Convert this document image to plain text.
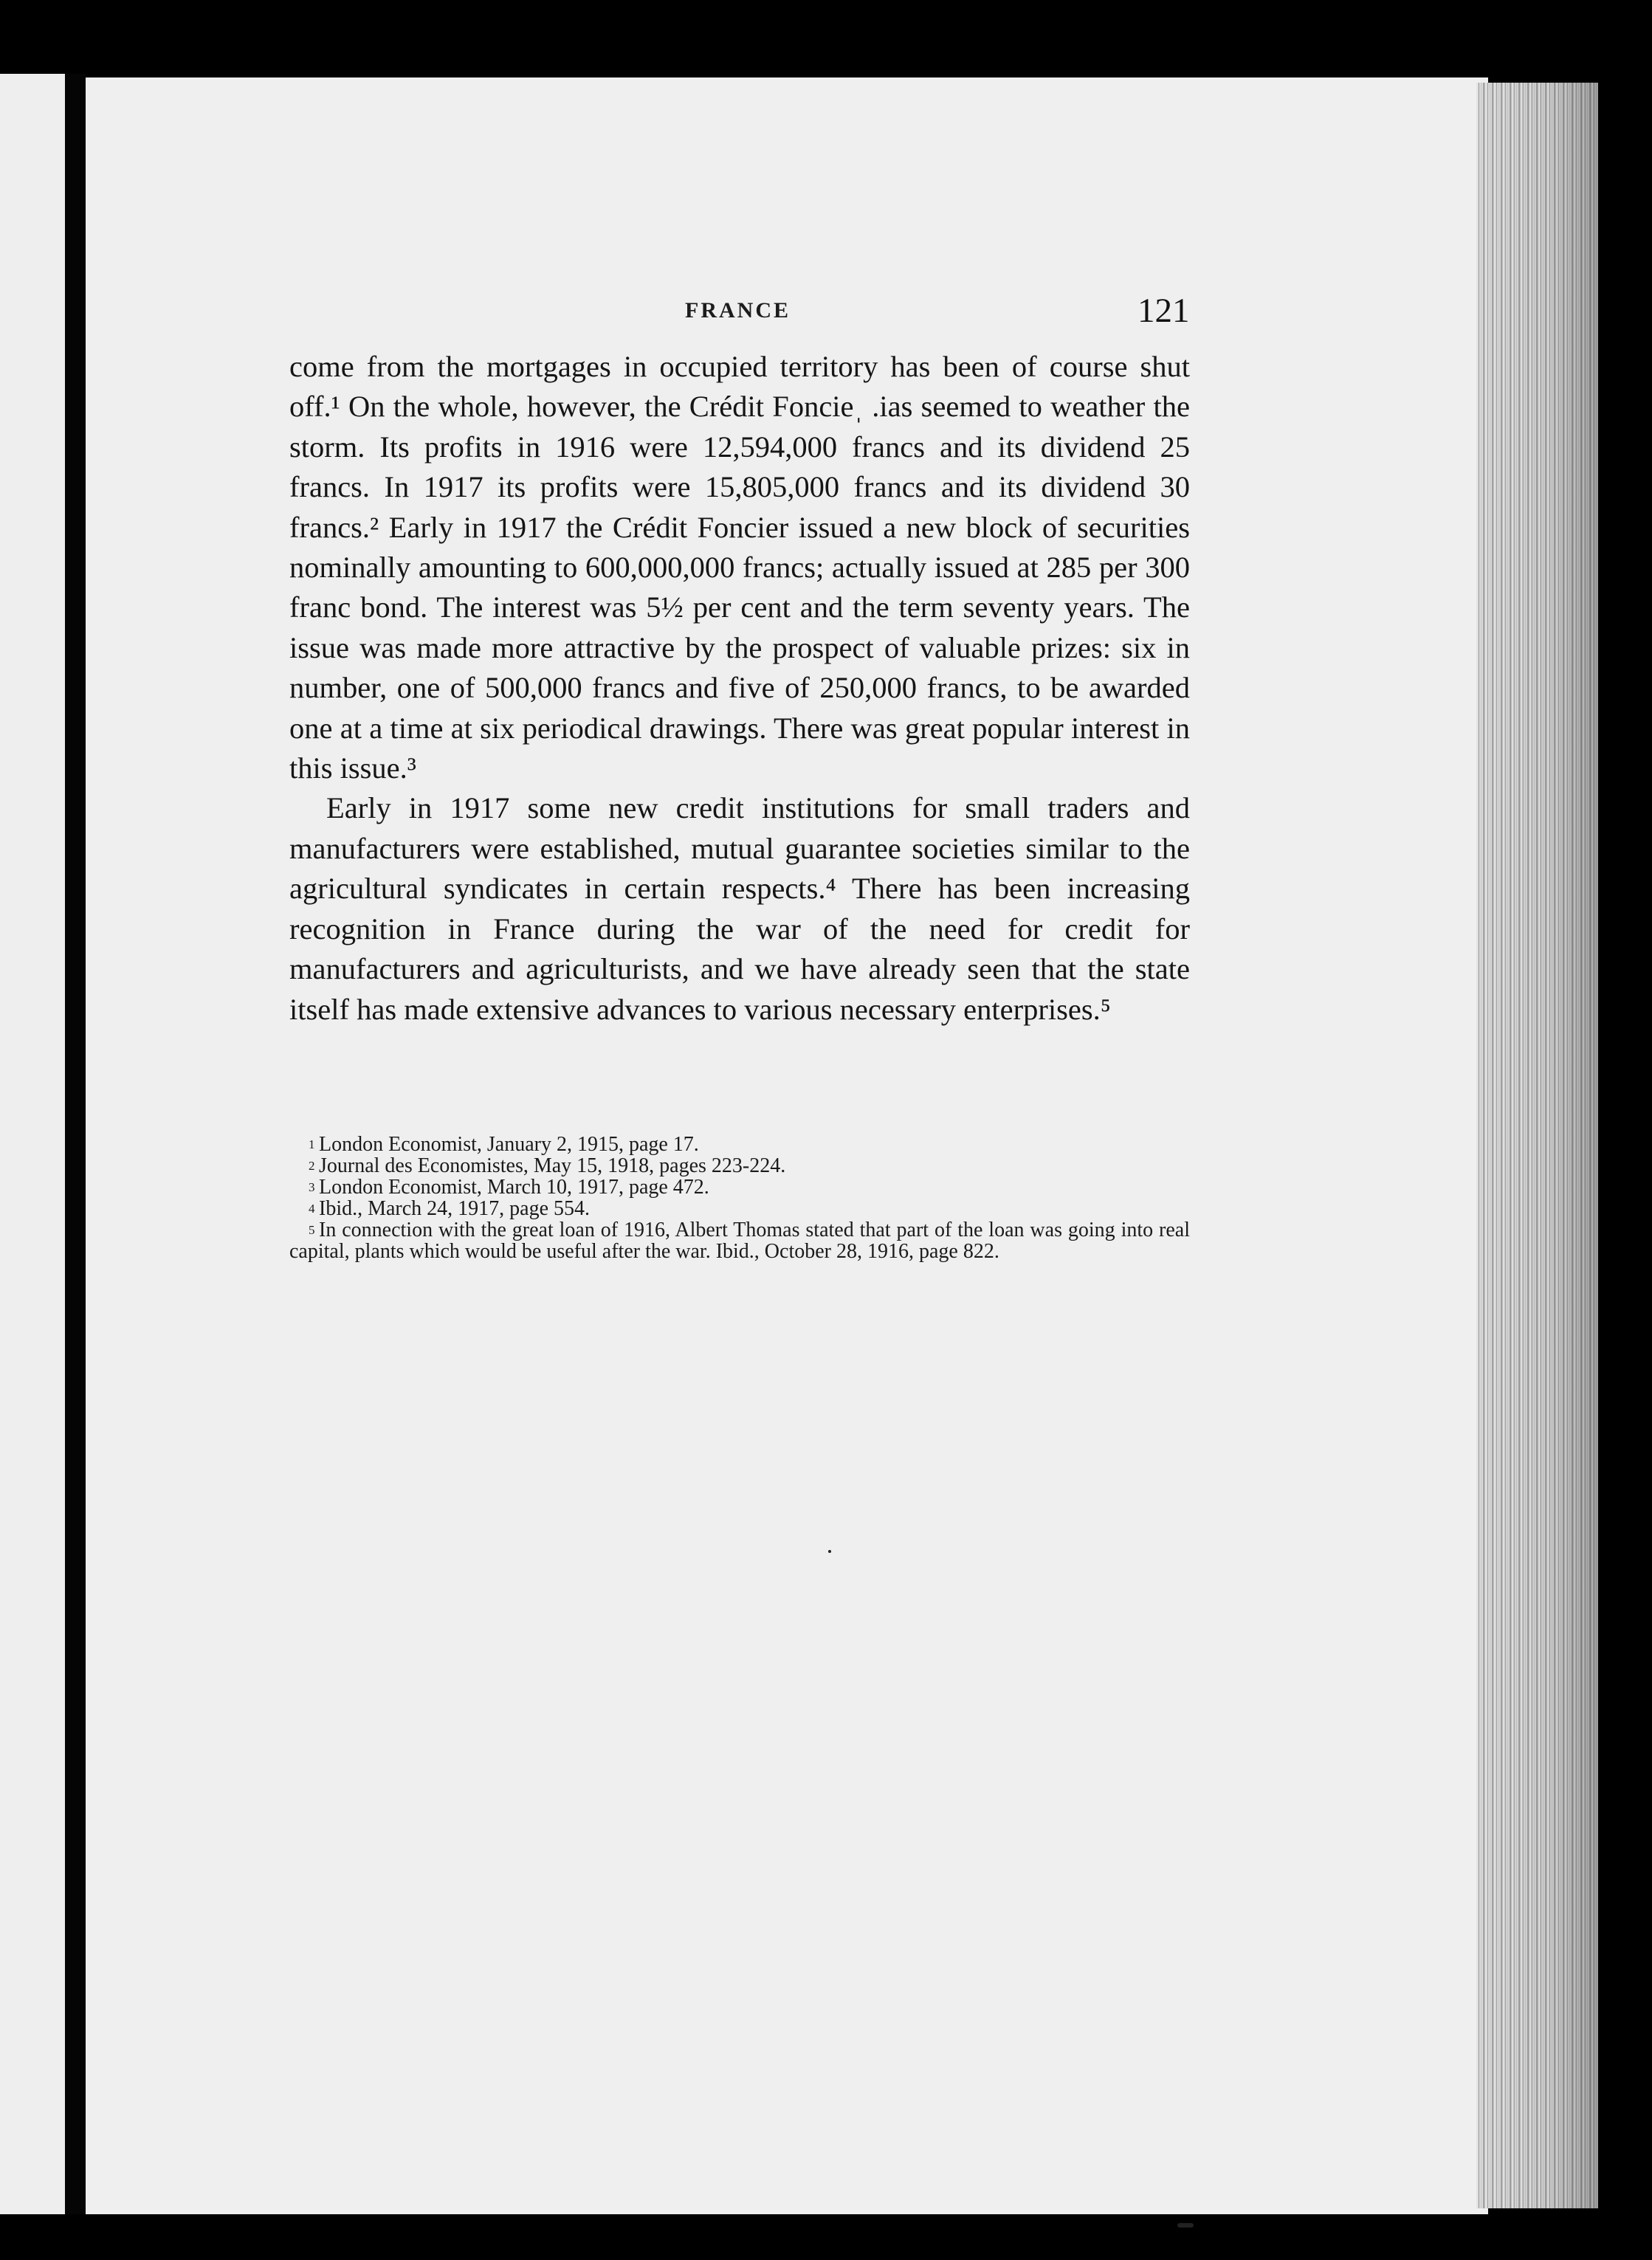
FRANCE	121

come from the mortgages in occupied territory has been of course shut off.¹ On the whole, however, the Crédit Foncieˌ .ias seemed to weather the storm. Its profits in 1916 were 12,594,000 francs and its dividend 25 francs. In 1917 its profits were 15,805,000 francs and its dividend 30 francs.² Early in 1917 the Crédit Foncier issued a new block of securities nominally amounting to 600,000,000 francs; actually issued at 285 per 300 franc bond. The interest was 5½ per cent and the term seventy years. The issue was made more attractive by the prospect of valuable prizes: six in number, one of 500,000 francs and five of 250,000 francs, to be awarded one at a time at six periodical drawings. There was great popular interest in this issue.³

Early in 1917 some new credit institutions for small traders and manufacturers were established, mutual guarantee societies similar to the agricultural syndicates in certain respects.⁴ There has been increasing recognition in France during the war of the need for credit for manufacturers and agriculturists, and we have already seen that the state itself has made extensive advances to various necessary enterprises.⁵

1 London Economist, January 2, 1915, page 17.

2 Journal des Economistes, May 15, 1918, pages 223-224.

3 London Economist, March 10, 1917, page 472.

4 Ibid., March 24, 1917, page 554.

5 In connection with the great loan of 1916, Albert Thomas stated that part of the loan was going into real capital, plants which would be useful after the war. Ibid., October 28, 1916, page 822.
